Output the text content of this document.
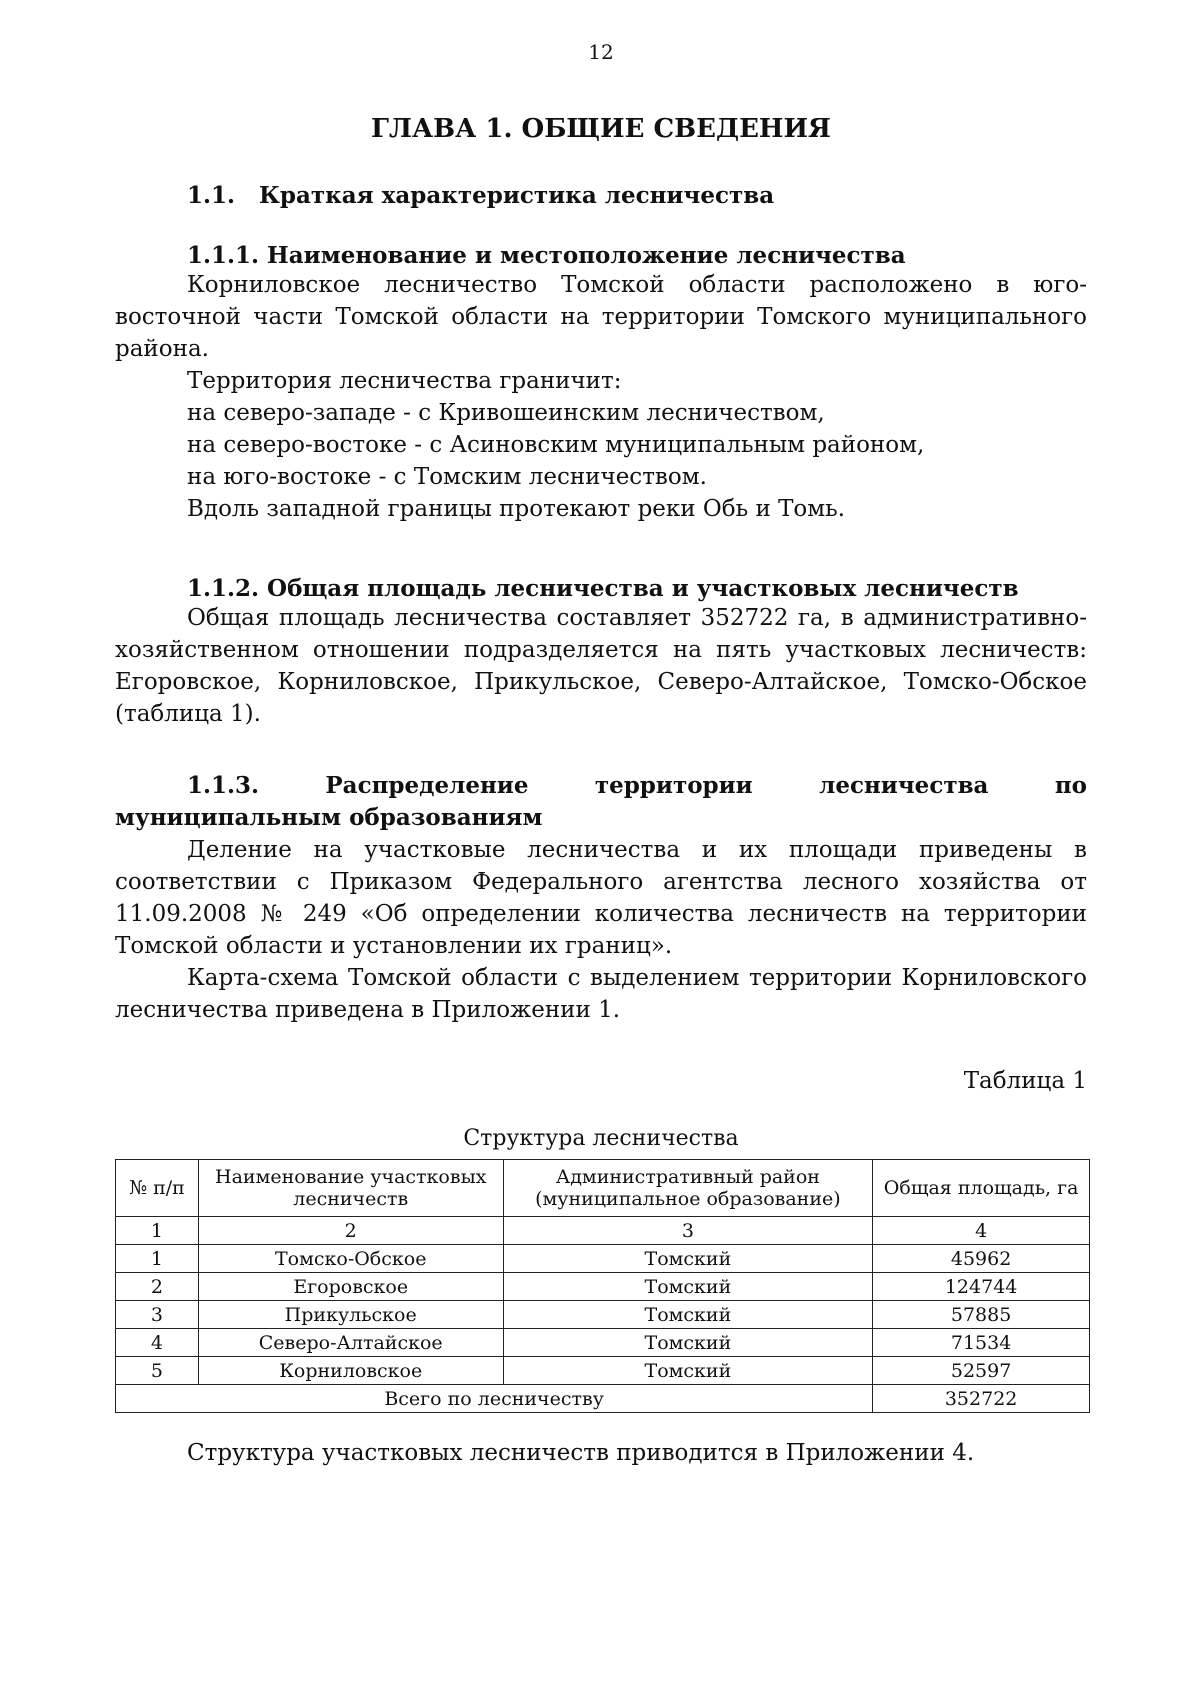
12
ГЛАВА 1. ОБЩИЕ СВЕДЕНИЯ
1.1. Краткая характеристика лесничества

1.1.1. Наименование и местоположение лесничества

Корниловское лесничество Томской области расположено в юго-восточной части Томской области на территории Томского муниципального района.

Территория лесничества граничит:

на северо-западе - с Кривошеинским лесничеством,

на северо-востоке - с Асиновским муниципальным районом,

на юго-востоке - с Томским лесничеством.

Вдоль западной границы протекают реки Обь и Томь.

1.1.2. Общая площадь лесничества и участковых лесничеств

Общая площадь лесничества составляет 352722 га, в административно-хозяйственном отношении подразделяется на пять участковых лесничеств: Егоровское, Корниловское, Прикульское, Северо-Алтайское, Томско-Обское (таблица 1).

1.1.3. Распределение территории лесничества по муниципальным образованиям

Деление на участковые лесничества и их площади приведены в соответствии с Приказом Федерального агентства лесного хозяйства от 11.09.2008 № 249 «Об определении количества лесничеств на территории Томской области и установлении их границ».

Карта-схема Томской области с выделением территории Корниловского лесничества приведена в Приложении 1.

Таблица 1
Структура лесничества
№ п/п	Наименование участковых лесничеств	Административный район (муниципальное образование)	Общая площадь, га
1	2	3	4
1	Томско-Обское	Томский	45962
2	Егоровское	Томский	124744
3	Прикульское	Томский	57885
4	Северо-Алтайское	Томский	71534
5	Корниловское	Томский	52597
Всего по лесничеству			352722
Структура участковых лесничеств приводится в Приложении 4.
